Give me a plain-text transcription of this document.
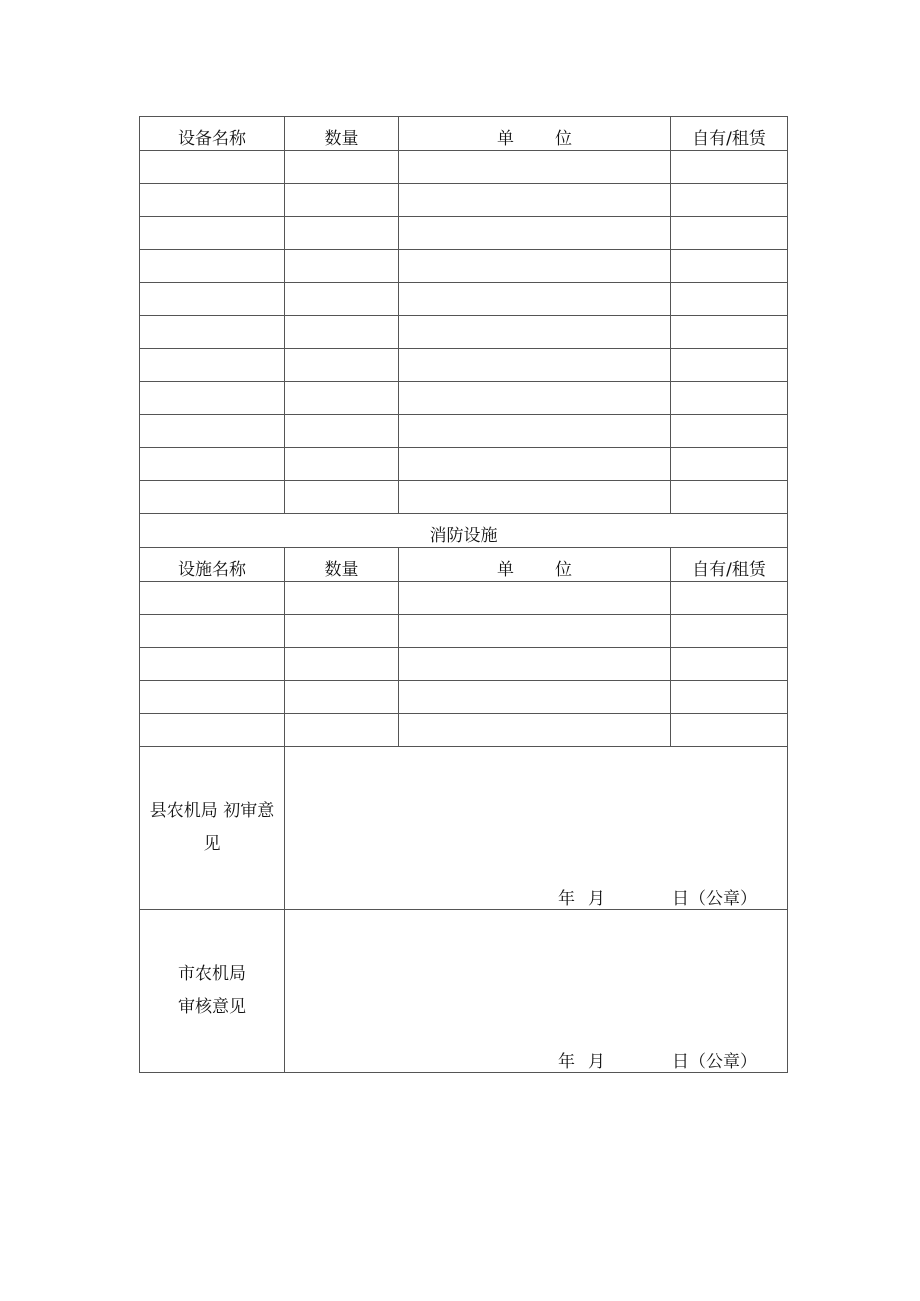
设备名称	数量	单 位	自有/租赁

消防设施			
设施名称	数量	单 位	自有/租赁

县农机局 初审意
见	年 月 日（公章）		

市农机局
审核意见	年 月 日（公章）		
